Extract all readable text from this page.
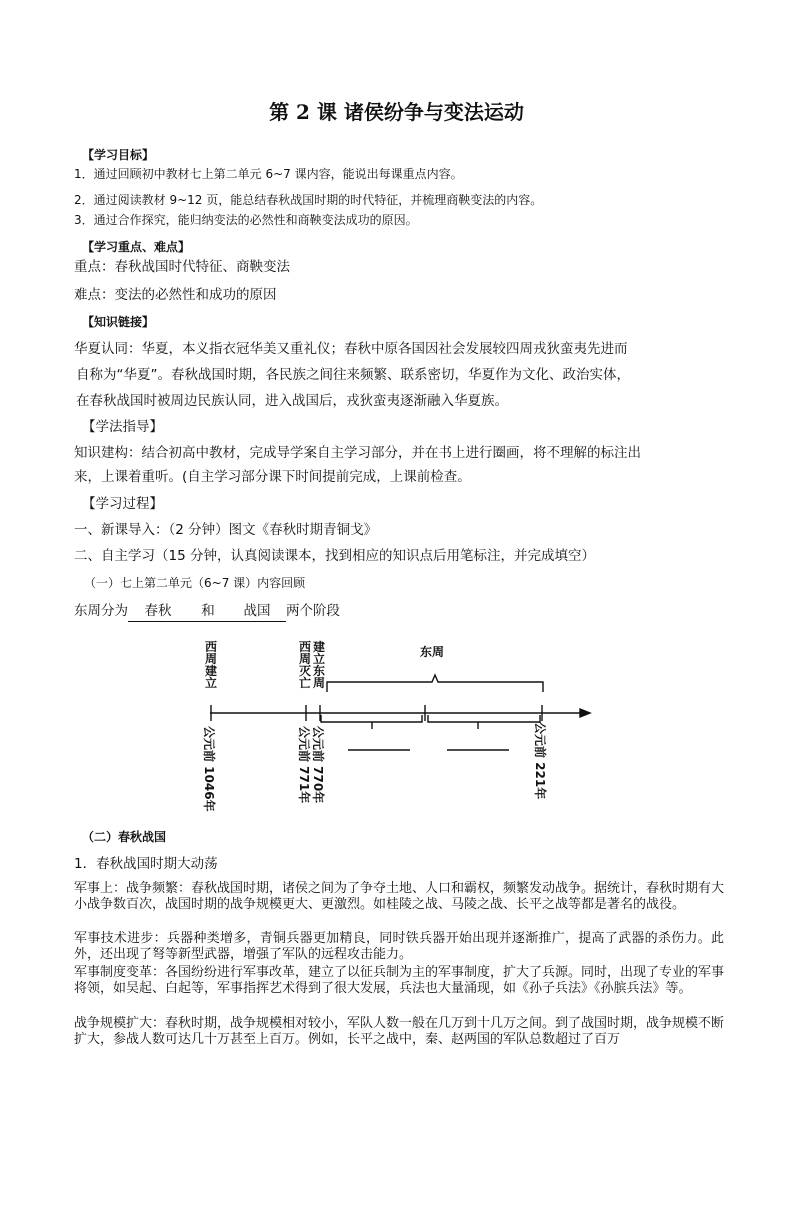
第 2 课 诸侯纷争与变法运动
【学习目标】
1．通过回顾初中教材七上第二单元 6~7 课内容，能说出每课重点内容。
2．通过阅读教材 9~12 页，能总结春秋战国时期的时代特征，并梳理商鞅变法的内容。
3．通过合作探究，能归纳变法的必然性和商鞅变法成功的原因。
【学习重点、难点】
重点：春秋战国时代特征、商鞅变法
难点：变法的必然性和成功的原因
【知识链接】
华夏认同：华夏，本义指衣冠华美又重礼仪；春秋中原各国因社会发展较四周戎狄蛮夷先进而
自称为“华夏”。春秋战国时期，各民族之间往来频繁、联系密切，华夏作为文化、政治实体，
在春秋战国时被周边民族认同，进入战国后，戎狄蛮夷逐渐融入华夏族。
【学法指导】
知识建构：结合初高中教材，完成导学案自主学习部分，并在书上进行圈画，将不理解的标注出
来，上课着重听。(自主学习部分课下时间提前完成，上课前检查。
【学习过程】
一、新课导入：（2 分钟）图文《春秋时期青铜戈》
二、自主学习（15 分钟，认真阅读课本，找到相应的知识点后用笔标注，并完成填空）
（一）七上第二单元（6~7 课）内容回顾
东周分为 春秋 和 战国 两个阶段
西周建立
西周灭亡
建立东周
东周
公元前 1046年	公元前 771年 公元前 770年	公元前 221年
（二）春秋战国
1．春秋战国时期大动荡
军事上：战争频繁：春秋战国时期，诸侯之间为了争夺土地、人口和霸权，频繁发动战争。据统计，春秋时期有大小战争数百次，战国时期的战争规模更大、更激烈。如桂陵之战、马陵之战、长平之战等都是著名的战役。
军事技术进步：兵器种类增多，青铜兵器更加精良，同时铁兵器开始出现并逐渐推广，提高了武器的杀伤力。此外，还出现了弩等新型武器，增强了军队的远程攻击能力。
军事制度变革：各国纷纷进行军事改革，建立了以征兵制为主的军事制度，扩大了兵源。同时，出现了专业的军事将领，如吴起、白起等，军事指挥艺术得到了很大发展，兵法也大量涌现，如《孙子兵法》《孙膑兵法》等。
战争规模扩大：春秋时期，战争规模相对较小，军队人数一般在几万到十几万之间。到了战国时期，战争规模不断扩大，参战人数可达几十万甚至上百万。例如，长平之战中，秦、赵两国的军队总数超过了百万
